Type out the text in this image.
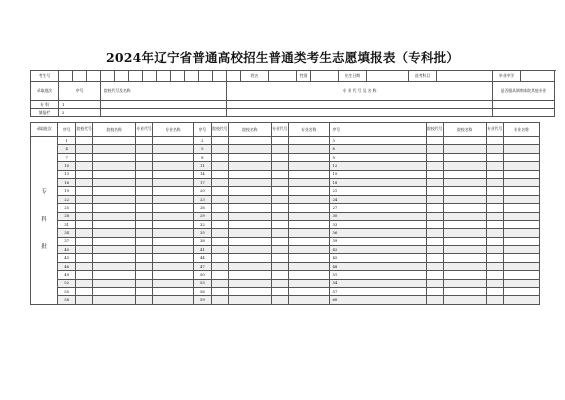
2024年辽宁省普通高校招生普通类考生志愿填报表（专科批）
考生号														姓名		性别		出生日期		选考科目		毕业中学	
录取批次	序号			院校代号及名称									专 业 代 号 及 名 称									是否服从调剂本院其他专业	
专 科	1																						
填报栏	2																						
录取批次	序号	院校代号	院校名称	专业代号	专业名称	序号	院校代号	院校名称	专业代号	专业名称	序号	院校代号	院校名称	专业代号	专业名称

专
科
批	1					2					3				
	4					5					6				
	7					8					9				
	10					11					12				
	13					14					15				
	16					17					18				
	19					20					21				
	22					23					24				
	25					26					27				
	28					29					30				
	31					32					33				
	34					35					36				
	37					38					39				
	40					41					42				
	43					44					45				
	46					47					48				
	49					50					51				
	52					53					54				
	55					56					57				
	58					59					60				
